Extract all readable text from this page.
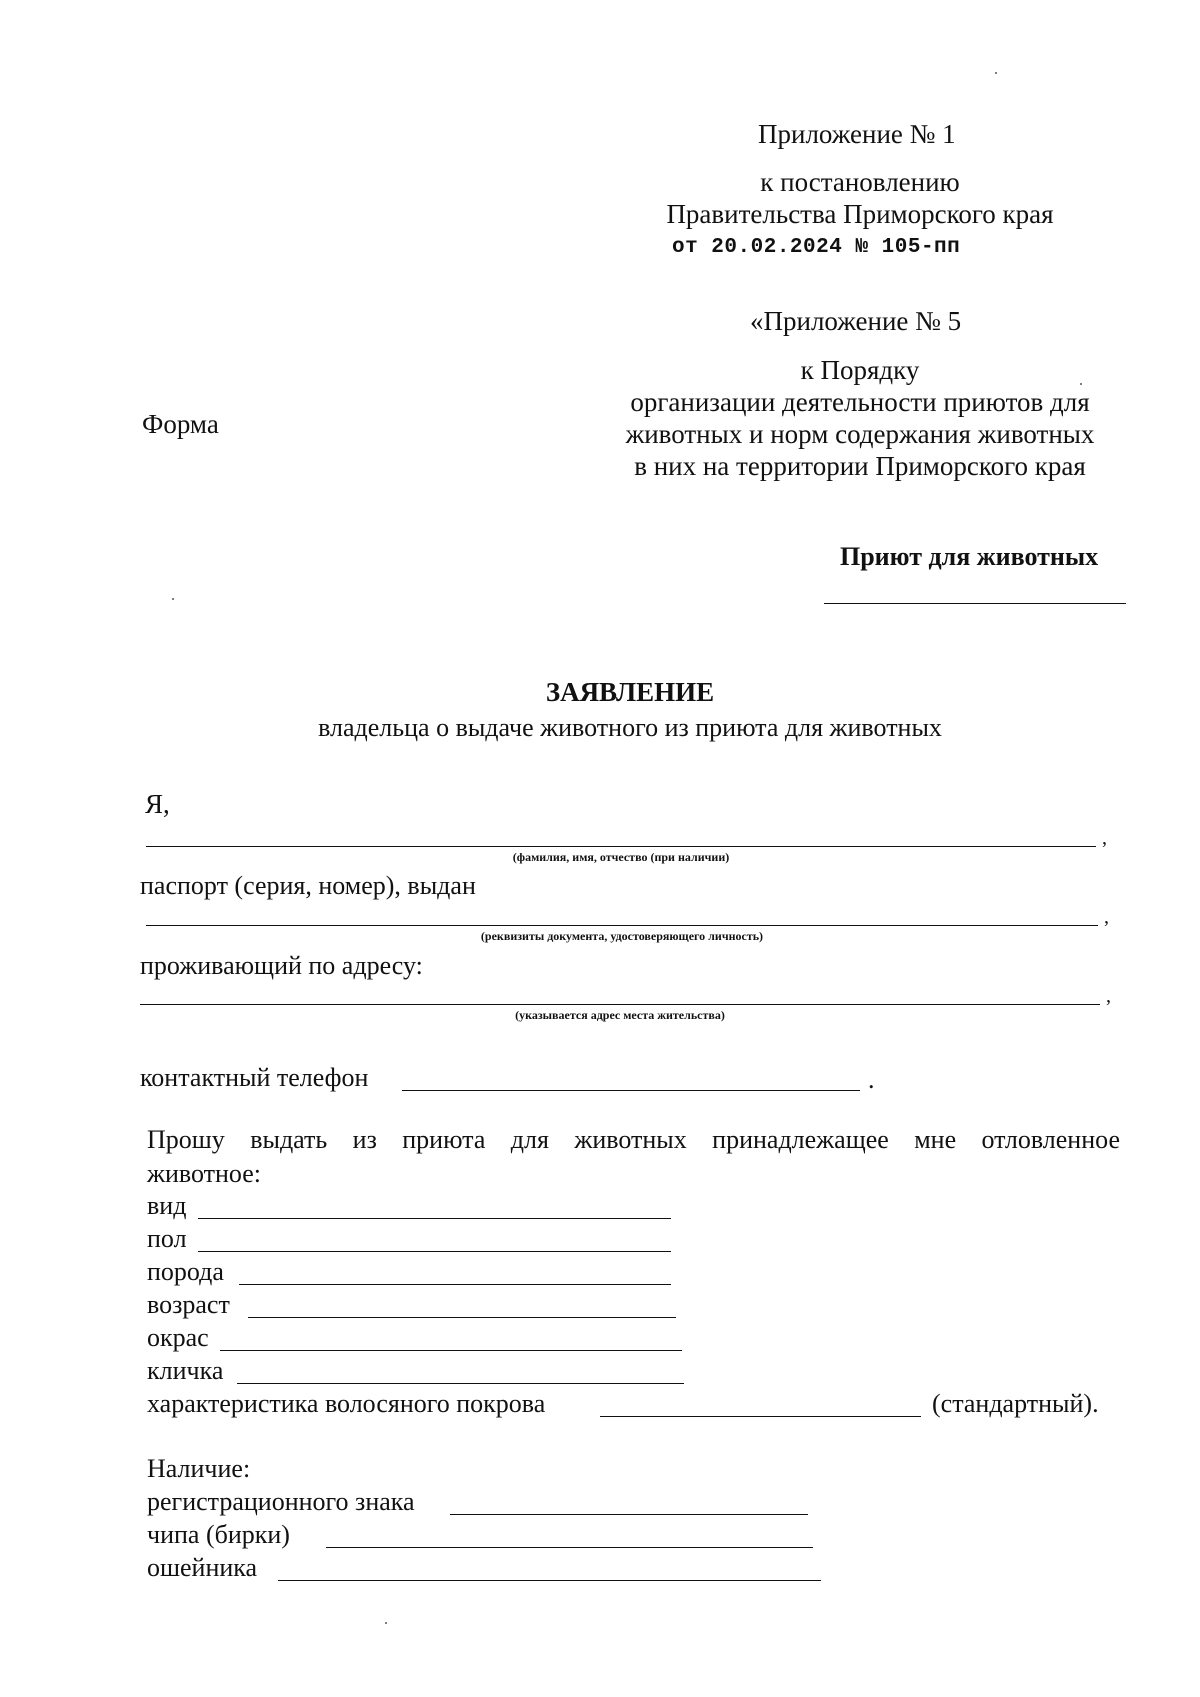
Приложение № 1
к постановлению
Правительства Приморского края
от 20.02.2024 № 105-пп
«Приложение № 5
к Порядку
организации деятельности приютов для
животных и норм содержания животных
в них на территории Приморского края
Форма
Приют для животных
ЗАЯВЛЕНИЕ
владельца о выдаче животного из приюта для животных
Я,
,
(фамилия, имя, отчество (при наличии)
паспорт (серия, номер), выдан
,
(реквизиты документа, удостоверяющего личность)
проживающий по адресу:
,
(указывается адрес места жительства)
контактный телефон	.
Прошу выдать из приюта для животных принадлежащее мне отловленное
животное:
вид
пол
порода
возраст
окрас
кличка
характеристика волосяного покрова	(стандартный).
Наличие:
регистрационного знака
чипа (бирки)
ошейника
